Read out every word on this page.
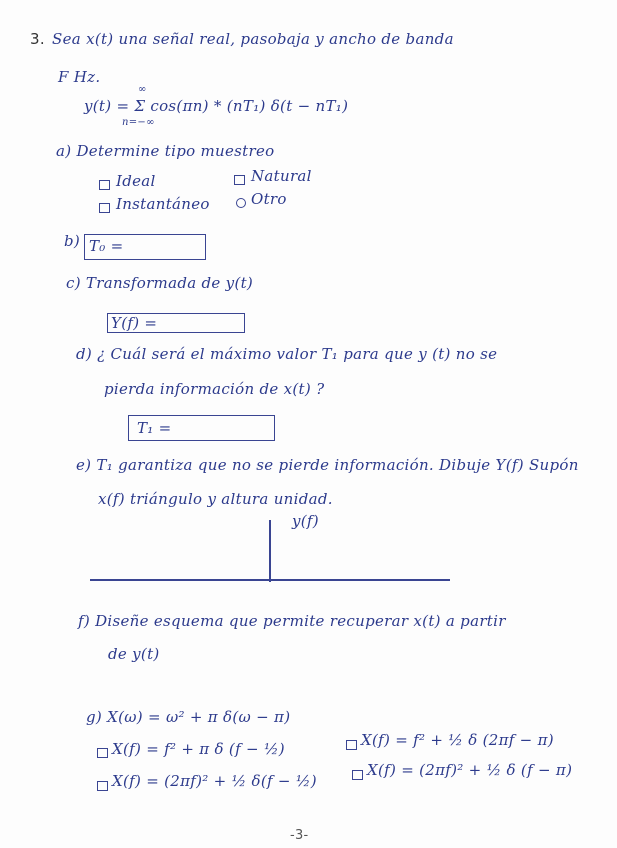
3. Sea x(t) una señal real, pasobaja y ancho de banda
F Hz.
y(t) = Σ cos(πn) * (nT₁) δ(t − nT₁)
∞
n=−∞
a) Determine tipo muestreo
Ideal	Natural
Instantáneo	Otro
b) T₀ =
c) Transformada de y(t)
Y(f) =
d) ¿ Cuál será el máximo valor T₁ para que y (t) no se
pierda información de x(t) ?
T₁ =
e) T₁ garantiza que no se pierde información. Dibuje Y(f) Supón
x(f) triángulo y altura unidad.
y(f)
f) Diseñe esquema que permite recuperar x(t) a partir
de y(t)
g) X(ω) = ω² + π δ(ω − π)
X(f) = f² + π δ (f − ½)	X(f) = f² + ½ δ (2πf − π)
X(f) = (2πf)² + ½ δ(f − ½)
X(f) = (2πf)² + ½ δ (f − π)
-3-
